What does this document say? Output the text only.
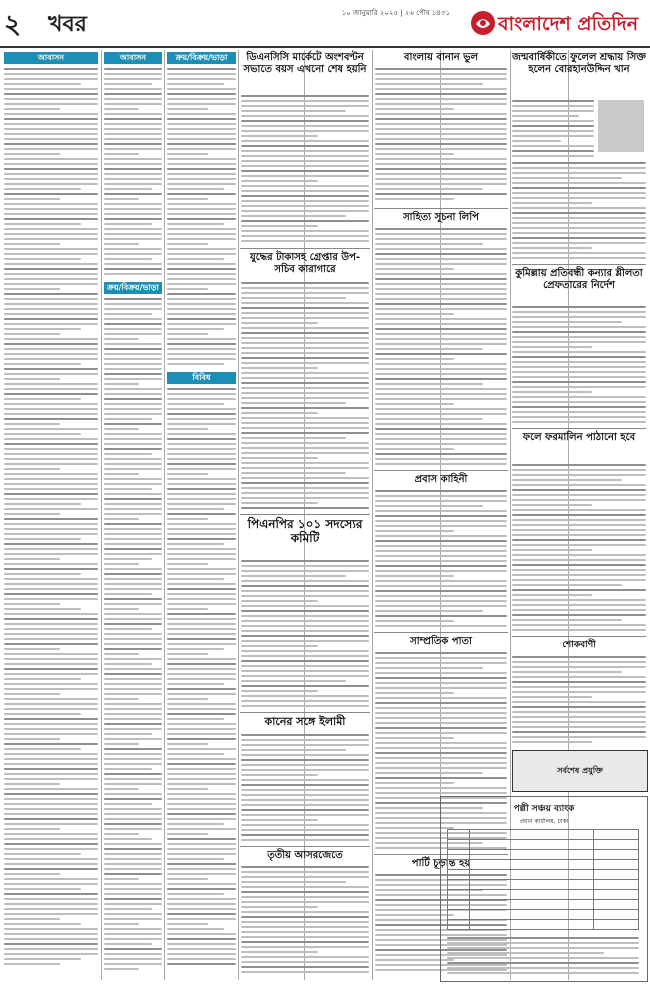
২ খবর	১০ জানুয়ারি ২০২৫ | ২৬ পৌষ ১৪৩১	বাংলাদেশ প্রতিদিন
আবাসন	আবাসন
ক্রয়/বিক্রয়/ভাড়া
ক্রয়/বিক্রয়/ভাড়া
বিবিধ
ডিএনসিসি মার্কেটে অংশবণ্টন সভাতে বয়স এখনো শেষ হয়নি
যুদ্ধের টাকাসহ গ্রেপ্তার উপ-সচিব কারাগারে
পিএনপির ১০১ সদস্যের কমিটি
কানের সঙ্গে ইলামী
তৃতীয় আসরজেতে
বাংলায় বানান ভুল
সাহিত্য সূচনা লিপি
প্রবাস কাহিনী
সাম্প্রতিক পাতা
পার্টি চূড়ান্ত হয়
জন্মবার্ষিকীতে ফুলেল শ্রদ্ধায় সিক্ত হলেন বোরহানউদ্দিন খান
কুমিল্লায় প্রতিবন্ধী কন্যার শ্লীলতা প্রেফতারের নির্দেশ
ফলে ফরমালিন পাঠানো হবে
শোকবাণী
সর্বশেষ প্রযুক্তি
পল্লী সঞ্চয় ব্যাংক
প্রধান কার্যালয়, ঢাকা
